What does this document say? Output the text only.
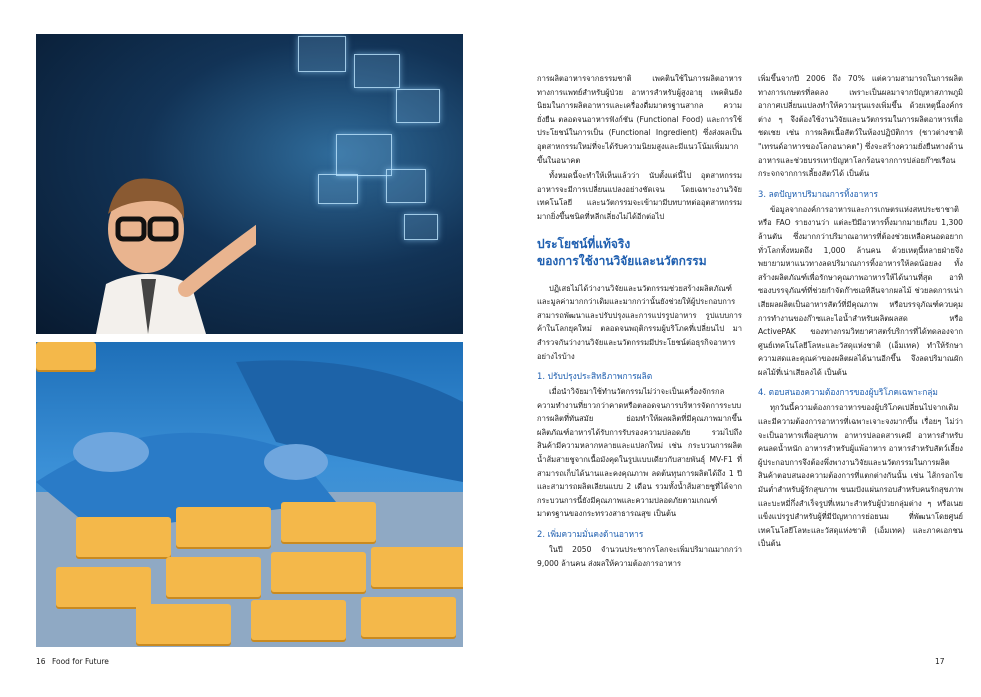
การผลิตอาหารจากธรรมชาติ เพคตินใช้ในการผลิตอาหาร ทางการแพทย์สำหรับผู้ป่วย อาหารสำหรับผู้สูงอายุ เพคตินยังนิยมในการผลิตอาหารและเครื่องดื่มมาตรฐานสากล ความยั่งยืน ตลอดจนอาหารฟังก์ชัน (Functional Food) และการใช้ประโยชน์ในการเป็น (Functional Ingredient) ซึ่งส่งผลเป็นอุตสาหกรรมใหม่ที่จะได้รับความนิยมสูงและมีแนวโน้มเพิ่มมากขึ้นในอนาคต

ทั้งหมดนี้จะทำให้เห็นแล้วว่า นับตั้งแต่นี้ไป อุตสาหกรรมอาหารจะมีการเปลี่ยนแปลงอย่างชัดเจน โดยเฉพาะงานวิจัย เทคโนโลยี และนวัตกรรมจะเข้ามามีบทบาทต่ออุตสาหกรรมมากยิ่งขึ้นชนิดที่หลีกเลี่ยงไม่ได้อีกต่อไป

ประโยชน์ที่แท้จริง
ของการใช้งานวิจัยและนวัตกรรม

ปฏิเสธไม่ได้ว่างานวิจัยและนวัตกรรมช่วยสร้างผลิตภัณฑ์และมูลค่ามากกว่าเดิมและมากกว่านั้นยังช่วยให้ผู้ประกอบการสามารถพัฒนาและปรับปรุงและการแปรรูปอาหาร รูปแบบการค้าในโลกยุคใหม่ ตลอดจนพฤติกรรมผู้บริโภคที่เปลี่ยนไป มาสำรวจกันว่างานวิจัยและนวัตกรรมมีประโยชน์ต่อธุรกิจอาหารอย่างไรบ้าง

1. ปรับปรุงประสิทธิภาพการผลิต

เมื่อนำวิจัยมาใช้ทำนวัตกรรมไม่ว่าจะเป็นเครื่องจักรกล ความทำงานที่ยาวกว่าคาดหรือตลอดจนการบริหารจัดการระบบการผลิตที่ทันสมัย ย่อมทำให้ผลผลิตที่มีคุณภาพมากขึ้นผลิตภัณฑ์อาหารได้รับการรับรองความปลอดภัย รวมไปถึงสินค้ามีความหลากหลายและแปลกใหม่ เช่น กระบวนการผลิตน้ำส้มสายชูจากเนื้อมังคุดในรูปแบบเดียวกับสายพันธุ์ MV-F1 ที่สามารถเก็บได้นานและคงคุณภาพ ลดต้นทุนการผลิตได้ถึง 1 ปี และสามารถผลิตเลียนแบบ 2 เดือน รวมทั้งน้ำส้มสายชูที่ได้จากกระบวนการนี้ยังมีคุณภาพและความปลอดภัยตามเกณฑ์มาตรฐานของกระทรวงสาธารณสุข เป็นต้น

2. เพิ่มความมั่นคงด้านอาหาร

ในปี 2050 จำนวนประชากรโลกจะเพิ่มปริมาณมากกว่า 9,000 ล้านคน ส่งผลให้ความต้องการอาหาร

เพิ่มขึ้นจากปี 2006 ถึง 70% แต่ความสามารถในการผลิตทางการเกษตรที่ลดลง เพราะเป็นผลมาจากปัญหาสภาพภูมิอากาศเปลี่ยนแปลงทำให้ความรุนแรงเพิ่มขึ้น ด้วยเหตุนี้องค์กรต่าง ๆ จึงต้องใช้งานวิจัยและนวัตกรรมในการผลิตอาหารเพื่อชดเชย เช่น การผลิตเนื้อสัตว์ในห้องปฏิบัติการ (ชาวต่างชาติ "เทรนด์อาหารของโลกอนาคต") ซึ่งจะสร้างความยั่งยืนทางด้านอาหารและช่วยบรรเทาปัญหาโลกร้อนจากการปล่อยก๊าซเรือนกระจกจากการเลี้ยงสัตว์ได้ เป็นต้น

3. ลดปัญหาปริมาณการทิ้งอาหาร

ข้อมูลจากองค์การอาหารและการเกษตรแห่งสหประชาชาติ หรือ FAO รายงานว่า แต่ละปีมีอาหารทิ้งมากมายเกือบ 1,300 ล้านตัน ซึ่งมากกว่าปริมาณอาหารที่ต้องช่วยเหลือคนอดอยากทั่วโลกทั้งหมดถึง 1,000 ล้านคน ด้วยเหตุนี้หลายฝ่ายจึงพยายามหาแนวทางลดปริมาณการทิ้งอาหารให้ลดน้อยลง ทั้งสร้างผลิตภัณฑ์เพื่อรักษาคุณภาพอาหารให้ได้นานที่สุด อาทิ ซองบรรจุภัณฑ์ที่ช่วยกำจัดก๊าซเอทิลีนจากผลไม้ ช่วยลดการเน่าเสียผลผลิตเป็นอาหารสัตว์ที่มีคุณภาพ หรือบรรจุภัณฑ์ควบคุมการทำงานของก๊าซและไอน้ำสำหรับผลิตผลสด หรือ ActivePAK ของทางกรมวิทยาศาสตร์บริการที่ได้ทดลองจากศูนย์เทคโนโลยีโลหะและวัสดุแห่งชาติ (เอ็มเทค) ทำให้รักษาความสดและคุณค่าของผลิตผลได้นานอีกขึ้น จึงลดปริมาณผักผลไม้ที่เน่าเสียลงได้ เป็นต้น

4. ตอบสนองความต้องการของผู้บริโภคเฉพาะกลุ่ม

ทุกวันนี้ความต้องการอาหารของผู้บริโภคเปลี่ยนไปจากเดิม และมีความต้องการอาหารที่เฉพาะเจาะจงมากขึ้น เรื่อยๆ ไม่ว่าจะเป็นอาหารเพื่อสุขภาพ อาหารปลอดสารเคมี อาหารสำหรับคนลดน้ำหนัก อาหารสำหรับผู้แพ้อาหาร อาหารสำหรับสัตว์เลี้ยง ผู้ประกอบการจึงต้องพึ่งพางานวิจัยและนวัตกรรมในการผลิตสินค้าตอบสนองความต้องการที่แตกต่างกันนั้น เช่น ไส้กรอกไขมันต่ำสำหรับผู้รักสุขภาพ ขนมปังแผ่นกรอบสำหรับคนรักสุขภาพและบะหมี่กึ่งสำเร็จรูปที่เหมาะสำหรับผู้ป่วยกลุ่มต่าง ๆ หรือเนยแข็งแปรรูปสำหรับผู้ที่มีปัญหาการย่อยนม ที่พัฒนาโดยศูนย์เทคโนโลยีโลหะและวัสดุแห่งชาติ (เอ็มเทค) และภาคเอกชน เป็นต้น

16 Food for Future	17
